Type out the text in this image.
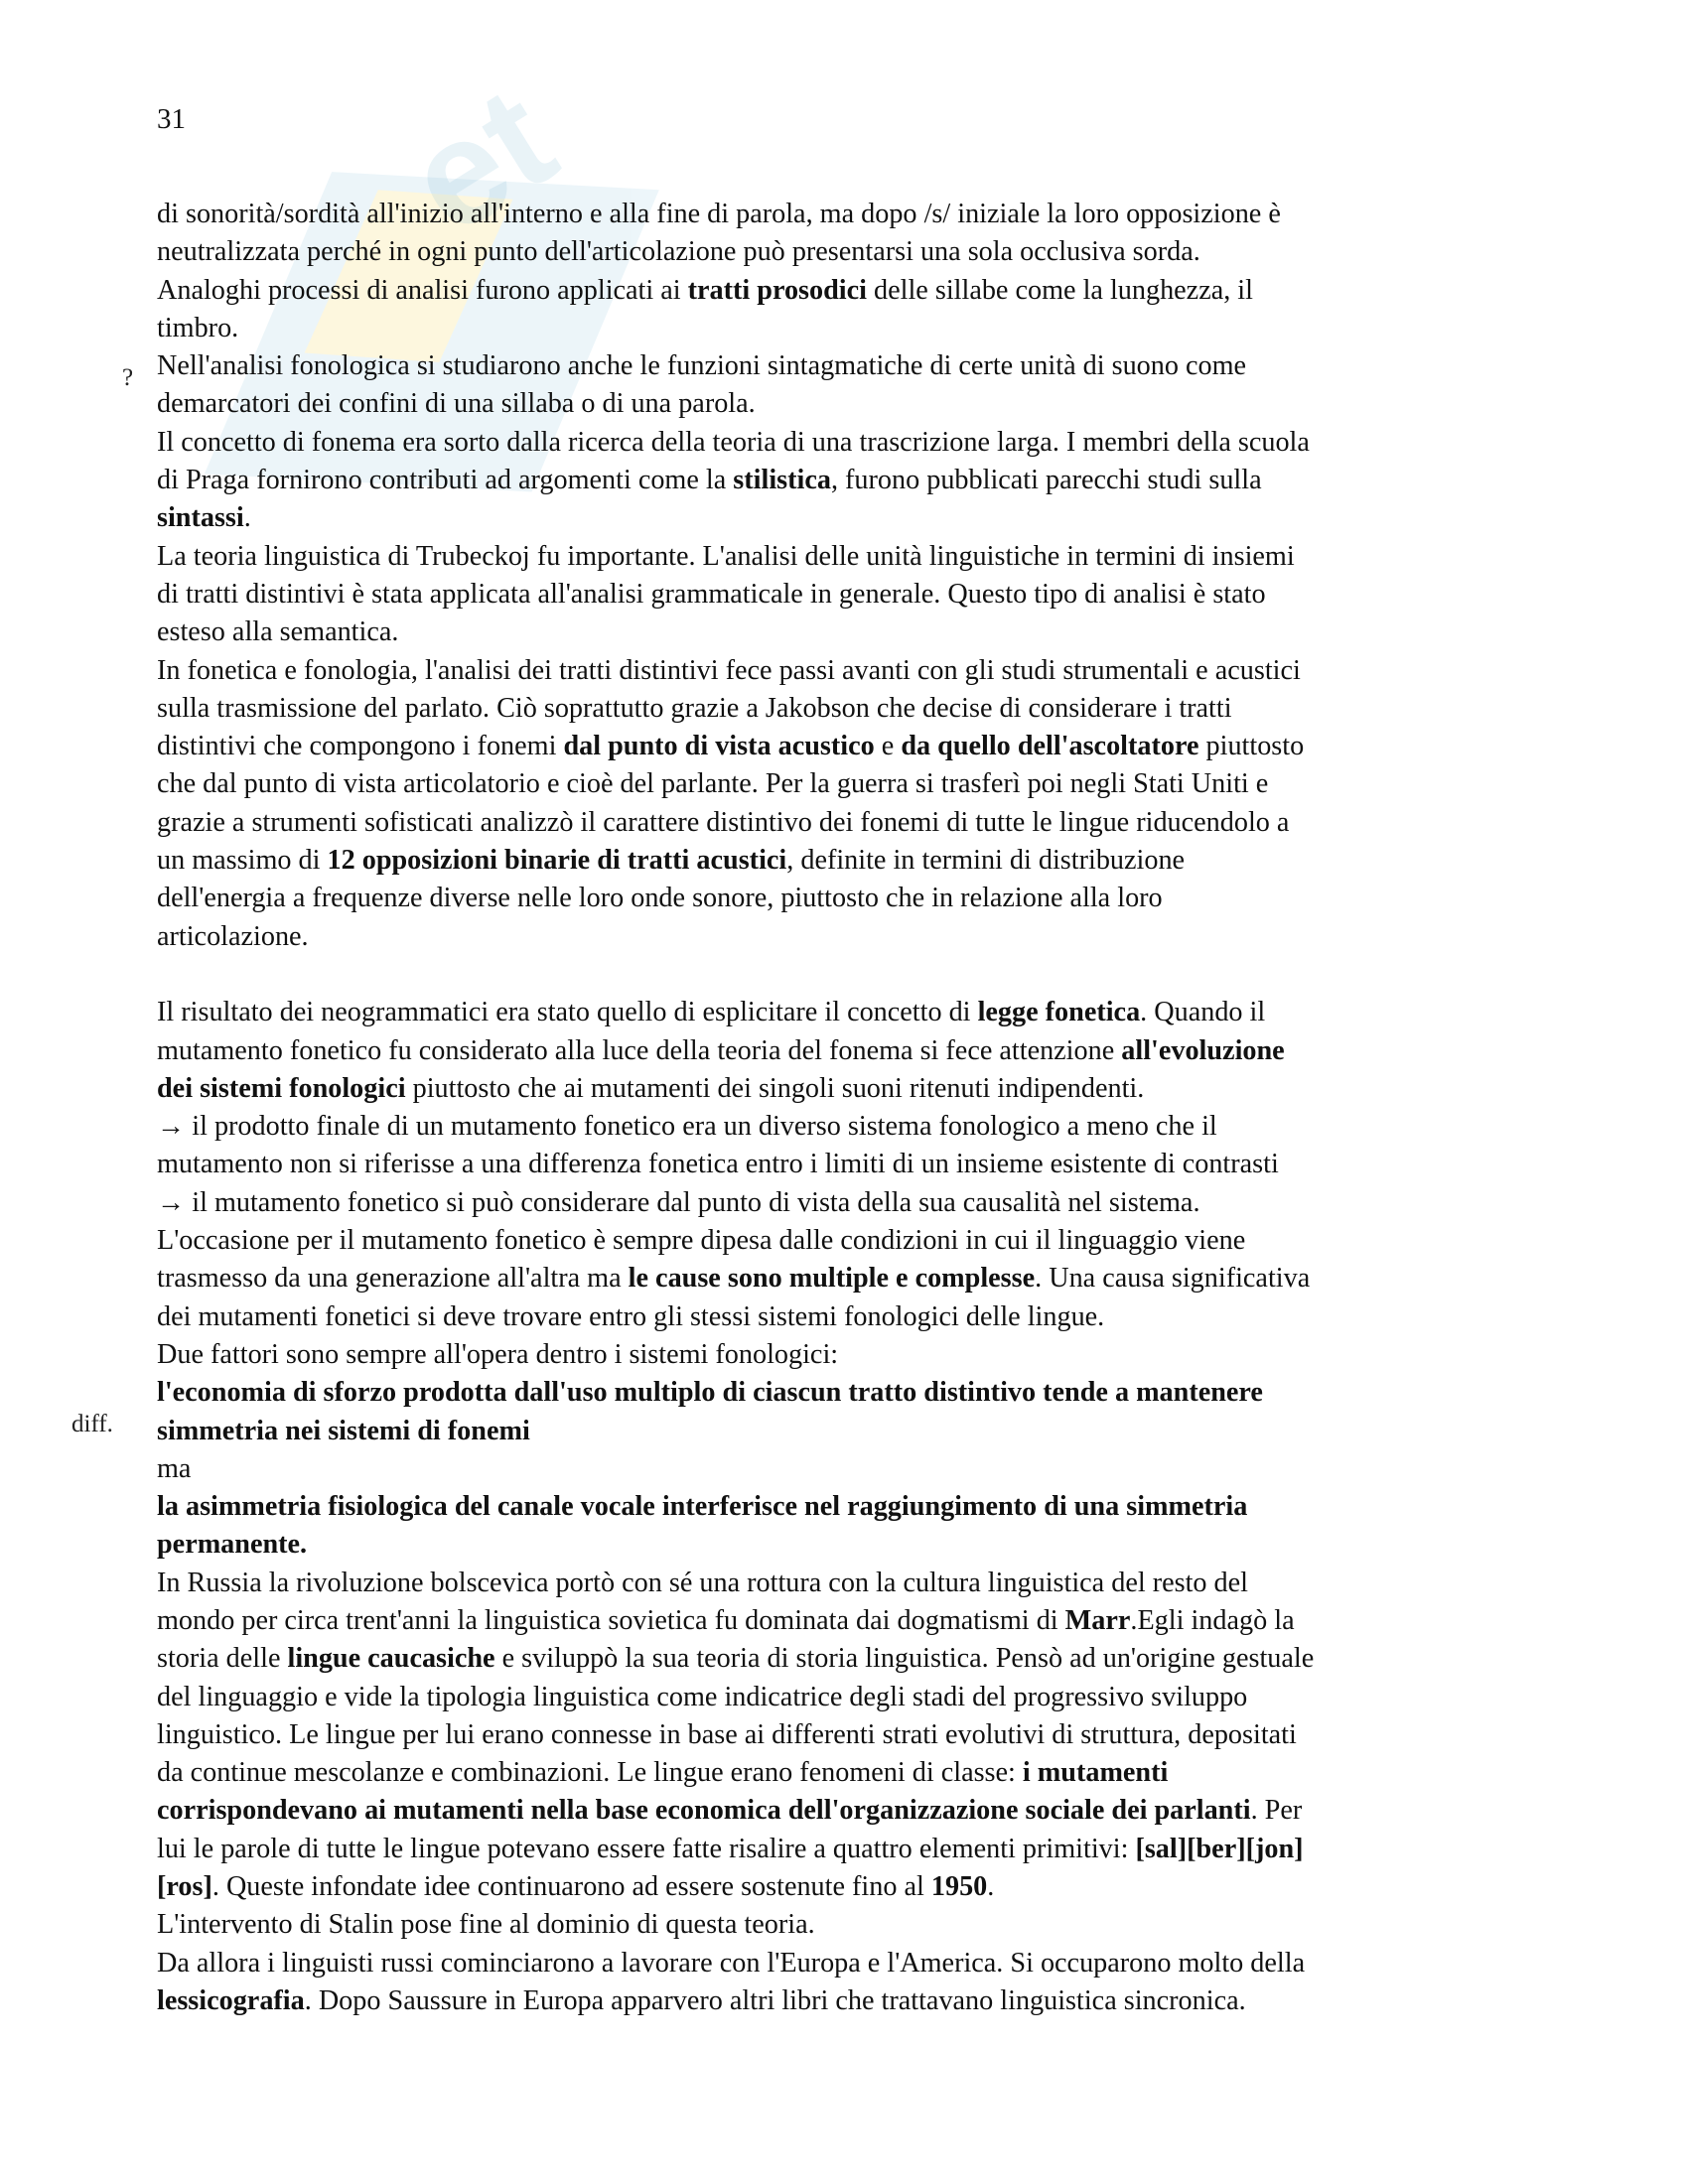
et
31
?
diff.

di sonorità/sordità all'inizio all'interno e alla fine di parola, ma dopo /s/ iniziale la loro opposizione è

neutralizzata perché in ogni punto dell'articolazione può presentarsi una sola occlusiva sorda.

Analoghi processi di analisi furono applicati ai tratti prosodici delle sillabe come la lunghezza, il

timbro.

Nell'analisi fonologica si studiarono anche le funzioni sintagmatiche di certe unità di suono come

demarcatori dei confini di una sillaba o di una parola.

Il concetto di fonema era sorto dalla ricerca della teoria di una trascrizione larga. I membri della scuola

di Praga fornirono contributi ad argomenti come la stilistica, furono pubblicati parecchi studi sulla

sintassi.

La teoria linguistica di Trubeckoj fu importante. L'analisi delle unità linguistiche in termini di insiemi

di tratti distintivi è stata applicata all'analisi grammaticale in generale. Questo tipo di analisi è stato

esteso alla semantica.

In fonetica e fonologia, l'analisi dei tratti distintivi fece passi avanti con gli studi strumentali e acustici

sulla trasmissione del parlato. Ciò soprattutto grazie a Jakobson che decise di considerare i tratti

distintivi che compongono i fonemi dal punto di vista acustico e da quello dell'ascoltatore piuttosto

che dal punto di vista articolatorio e cioè del parlante. Per la guerra si trasferì poi negli Stati Uniti e

grazie a strumenti sofisticati analizzò il carattere distintivo dei fonemi di tutte le lingue riducendolo a

un massimo di 12 opposizioni binarie di tratti acustici, definite in termini di distribuzione

dell'energia a frequenze diverse nelle loro onde sonore, piuttosto che in relazione alla loro

articolazione.

Il risultato dei neogrammatici era stato quello di esplicitare il concetto di legge fonetica. Quando il

mutamento fonetico fu considerato alla luce della teoria del fonema si fece attenzione all'evoluzione

dei sistemi fonologici piuttosto che ai mutamenti dei singoli suoni ritenuti indipendenti.

→ il prodotto finale di un mutamento fonetico era un diverso sistema fonologico a meno che il

mutamento non si riferisse a una differenza fonetica entro i limiti di un insieme esistente di contrasti

→ il mutamento fonetico si può considerare dal punto di vista della sua causalità nel sistema.

L'occasione per il mutamento fonetico è sempre dipesa dalle condizioni in cui il linguaggio viene

trasmesso da una generazione all'altra ma le cause sono multiple e complesse. Una causa significativa

dei mutamenti fonetici si deve trovare entro gli stessi sistemi fonologici delle lingue.

Due fattori sono sempre all'opera dentro i sistemi fonologici:

l'economia di sforzo prodotta dall'uso multiplo di ciascun tratto distintivo tende a mantenere

simmetria nei sistemi di fonemi

ma

la asimmetria fisiologica del canale vocale interferisce nel raggiungimento di una simmetria

permanente.

In Russia la rivoluzione bolscevica portò con sé una rottura con la cultura linguistica del resto del

mondo per circa trent'anni la linguistica sovietica fu dominata dai dogmatismi di Marr.Egli indagò la

storia delle lingue caucasiche e sviluppò la sua teoria di storia linguistica. Pensò ad un'origine gestuale

del linguaggio e vide la tipologia linguistica come indicatrice degli stadi del progressivo sviluppo

linguistico. Le lingue per lui erano connesse in base ai differenti strati evolutivi di struttura, depositati

da continue mescolanze e combinazioni. Le lingue erano fenomeni di classe: i mutamenti

corrispondevano ai mutamenti nella base economica dell'organizzazione sociale dei parlanti. Per

lui le parole di tutte le lingue potevano essere fatte risalire a quattro elementi primitivi: [sal][ber][jon]

[ros]. Queste infondate idee continuarono ad essere sostenute fino al 1950.

L'intervento di Stalin pose fine al dominio di questa teoria.

Da allora i linguisti russi cominciarono a lavorare con l'Europa e l'America. Si occuparono molto della

lessicografia. Dopo Saussure in Europa apparvero altri libri che trattavano linguistica sincronica.
